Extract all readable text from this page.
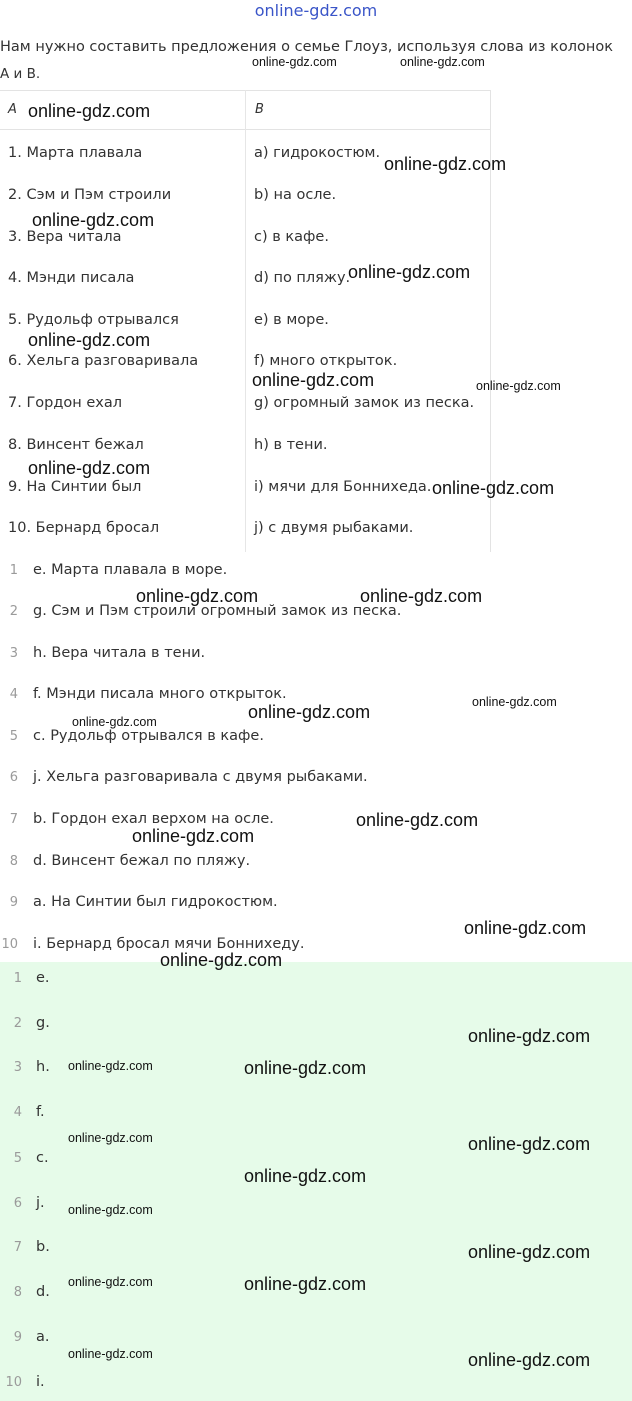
online-gdz.com
Нам нужно составить предложения о семье Глоуз, используя слова из колонок
A и B.
A	B
1. Марта плавала	a) гидрокостюм.
2. Сэм и Пэм строили	b) на осле.
3. Вера читала	c) в кафе.
4. Мэнди писала	d) по пляжу.
5. Рудольф отрывался	e) в море.
6. Хельга разговаривала	f) много открыток.
7. Гордон ехал	g) огромный замок из песка.
8. Винсент бежал	h) в тени.
9. На Синтии был	i) мячи для Боннихеда.
10. Бернард бросал	j) с двумя рыбаками.
1 e. Марта плавала в море.
2 g. Сэм и Пэм строили огромный замок из песка.
3 h. Вера читала в тени.
4 f. Мэнди писала много открыток.
5 c. Рудольф отрывался в кафе.
6 j. Хельга разговаривала с двумя рыбаками.
7 b. Гордон ехал верхом на осле.
8 d. Винсент бежал по пляжу.
9 a. На Синтии был гидрокостюм.
10 i. Бернард бросал мячи Боннихеду.
1 e.
2 g.
3 h.
4 f.
5 c.
6 j.
7 b.
8 d.
9 a.
10 i.
online-gdz.com	online-gdz.com
online-gdz.com
online-gdz.com
online-gdz.com
online-gdz.com
online-gdz.com
online-gdz.com	online-gdz.com
online-gdz.com
online-gdz.com
online-gdz.com	online-gdz.com
online-gdz.com
online-gdz.com
online-gdz.com
online-gdz.com
online-gdz.com
online-gdz.com
online-gdz.com
online-gdz.com
online-gdz.com	online-gdz.com
online-gdz.com	online-gdz.com
online-gdz.com
online-gdz.com
online-gdz.com
online-gdz.com	online-gdz.com
online-gdz.com	online-gdz.com
